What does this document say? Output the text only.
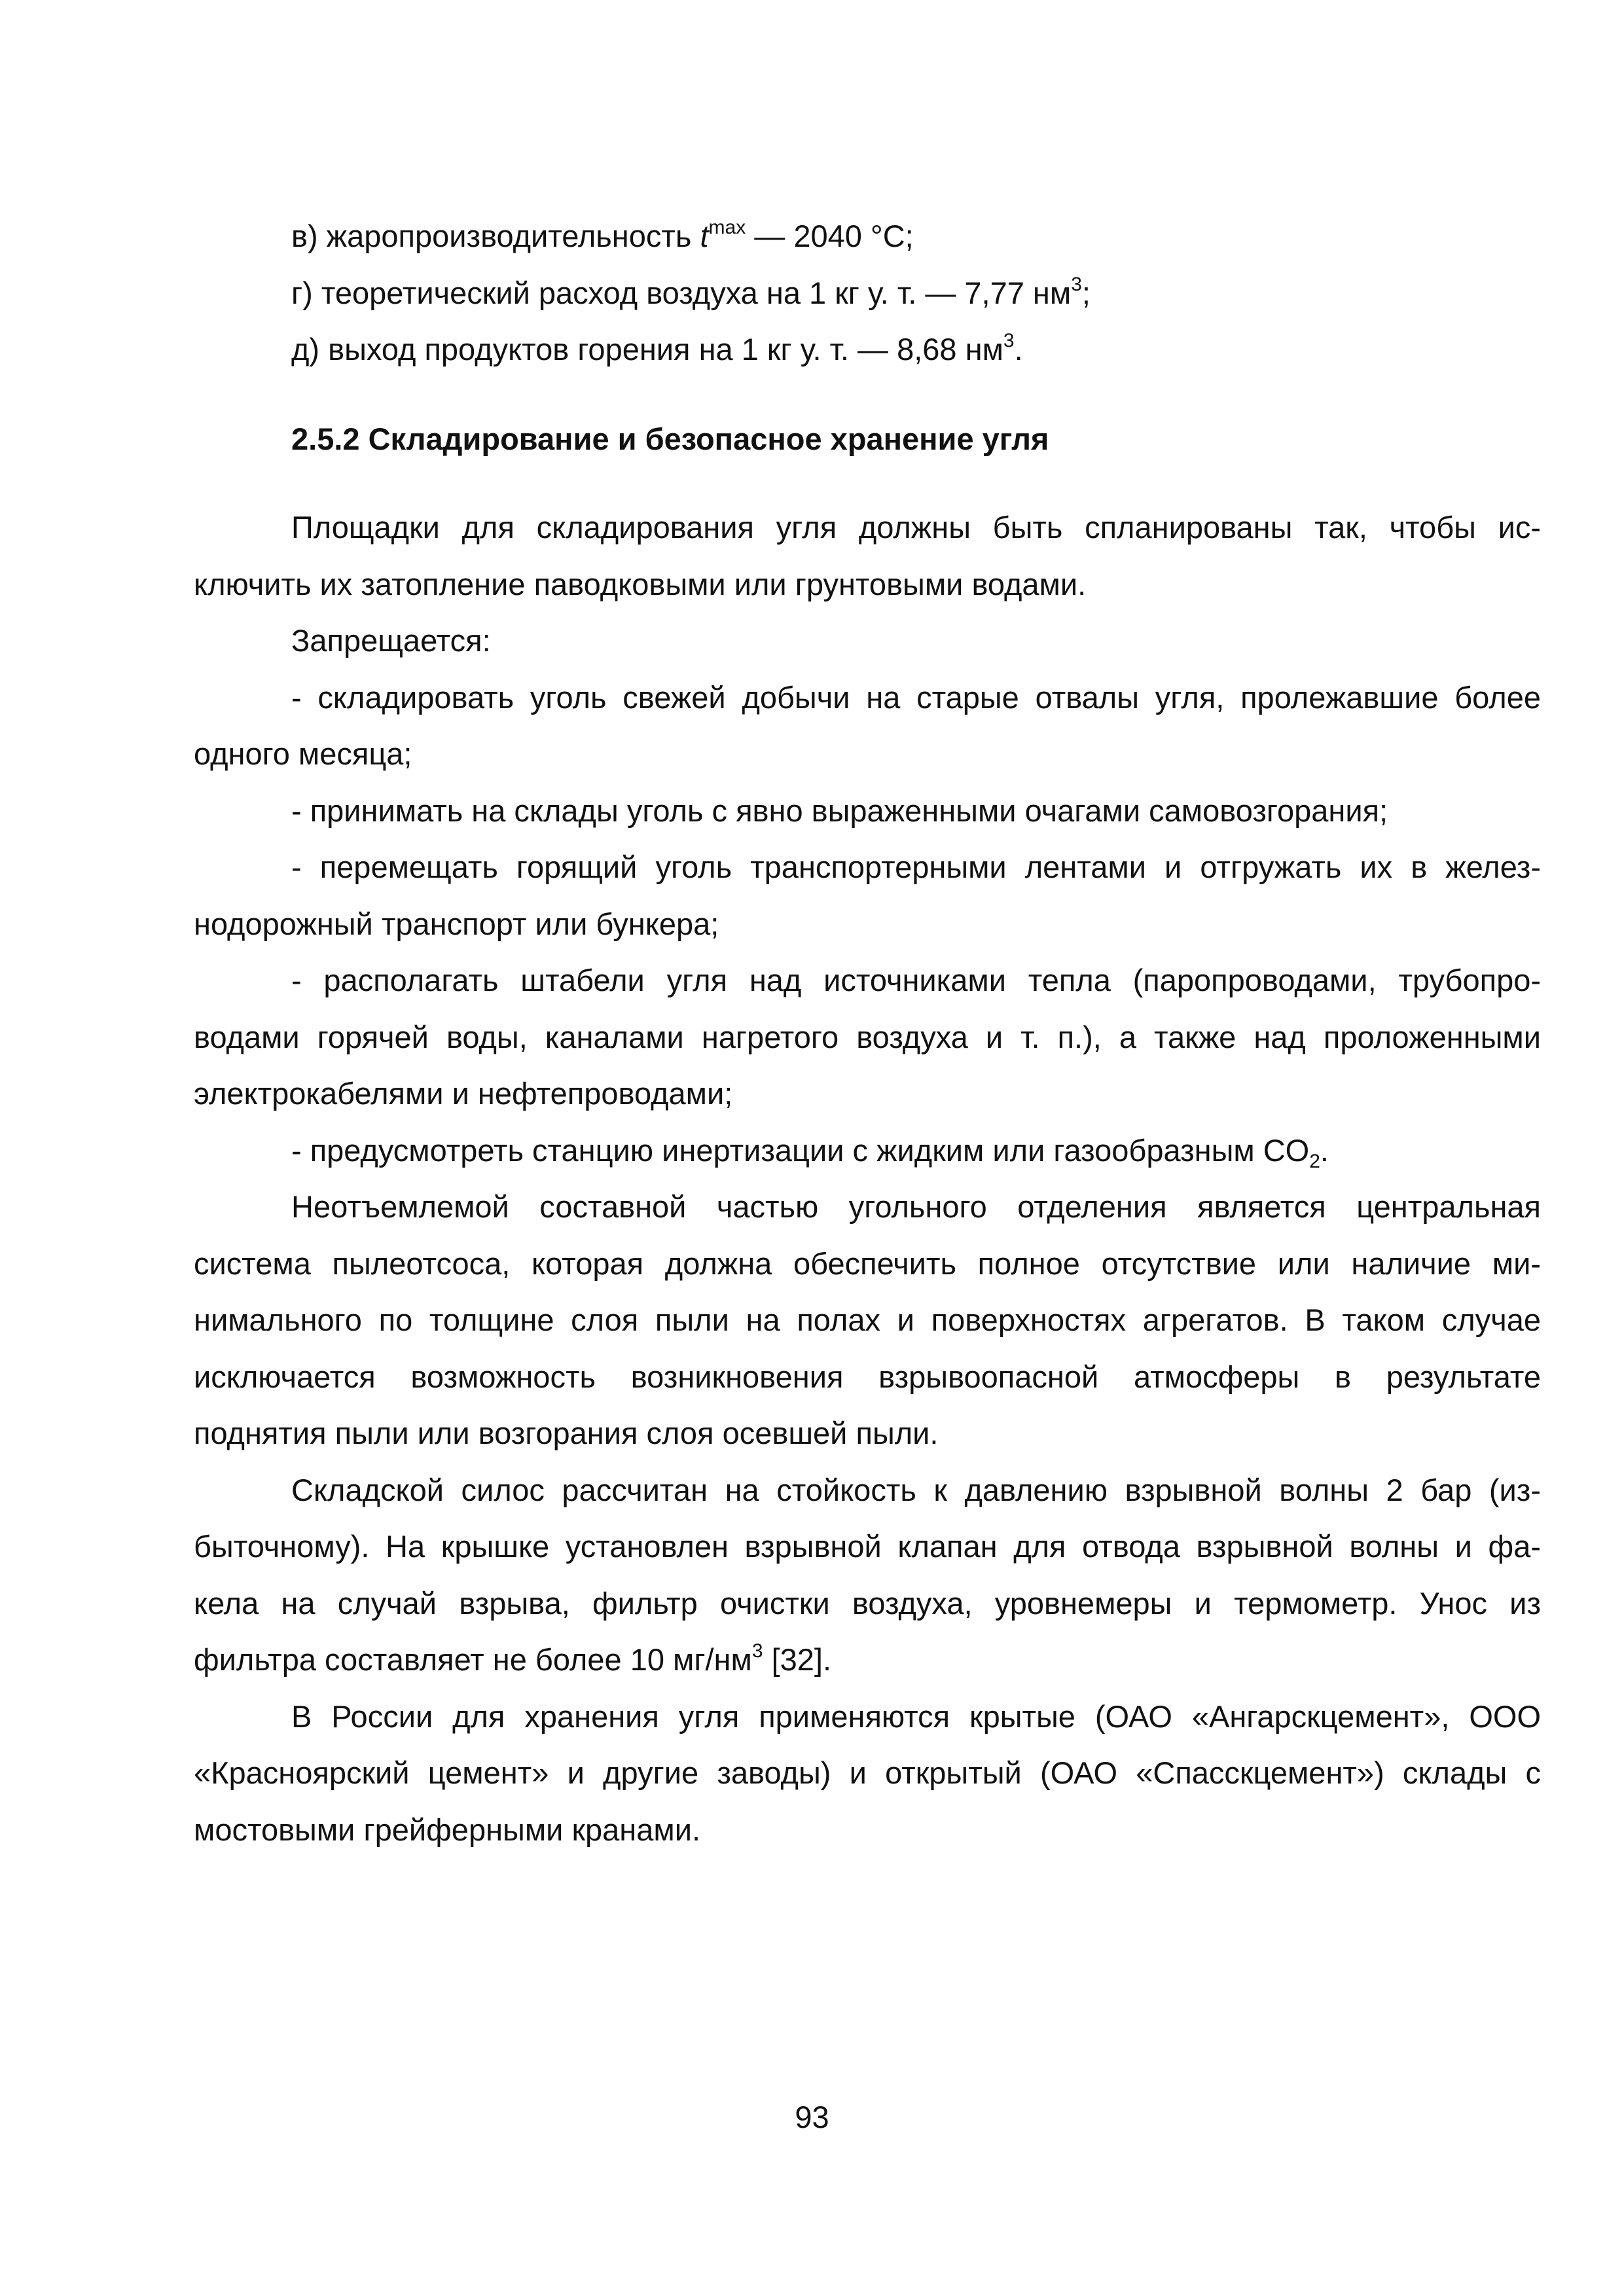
в) жаропроизводительность $t^{max}$ — 2040 °C;
г) теоретический расход воздуха на 1 кг у. т. — 7,77 $нм^3$;
д) выход продуктов горения на 1 кг у. т. — 8,68 $нм^3$.
2.5.2 Складирование и безопасное хранение угля
Площадки для складирования угля должны быть спланированы так, чтобы ис-
ключить их затопление паводковыми или грунтовыми водами.
Запрещается:
- складировать уголь свежей добычи на старые отвалы угля, пролежавшие более
одного месяца;
- принимать на склады уголь с явно выраженными очагами самовозгорания;
- перемещать горящий уголь транспортерными лентами и отгружать их в желез-
нодорожный транспорт или бункера;
- располагать штабели угля над источниками тепла (паропроводами, трубопро-
водами горячей воды, каналами нагретого воздуха и т. п.), а также над проложенными
электрокабелями и нефтепроводами;
- предусмотреть станцию инертизации с жидким или газообразным $CO_2$.
Неотъемлемой составной частью угольного отделения является центральная
система пылеотсоса, которая должна обеспечить полное отсутствие или наличие ми-
нимального по толщине слоя пыли на полах и поверхностях агрегатов. В таком случае
исключается возможность возникновения взрывоопасной атмосферы в результате
поднятия пыли или возгорания слоя осевшей пыли.
Складской силос рассчитан на стойкость к давлению взрывной волны 2 бар (из-
быточному). На крышке установлен взрывной клапан для отвода взрывной волны и фа-
кела на случай взрыва, фильтр очистки воздуха, уровнемеры и термометр. Унос из
фильтра составляет не более 10 $мг/нм^3$ [32].
В России для хранения угля применяются крытые (ОАО «Ангарскцемент», ООО
«Красноярский цемент» и другие заводы) и открытый (ОАО «Спасскцемент») склады с
мостовыми грейферными кранами.
93
